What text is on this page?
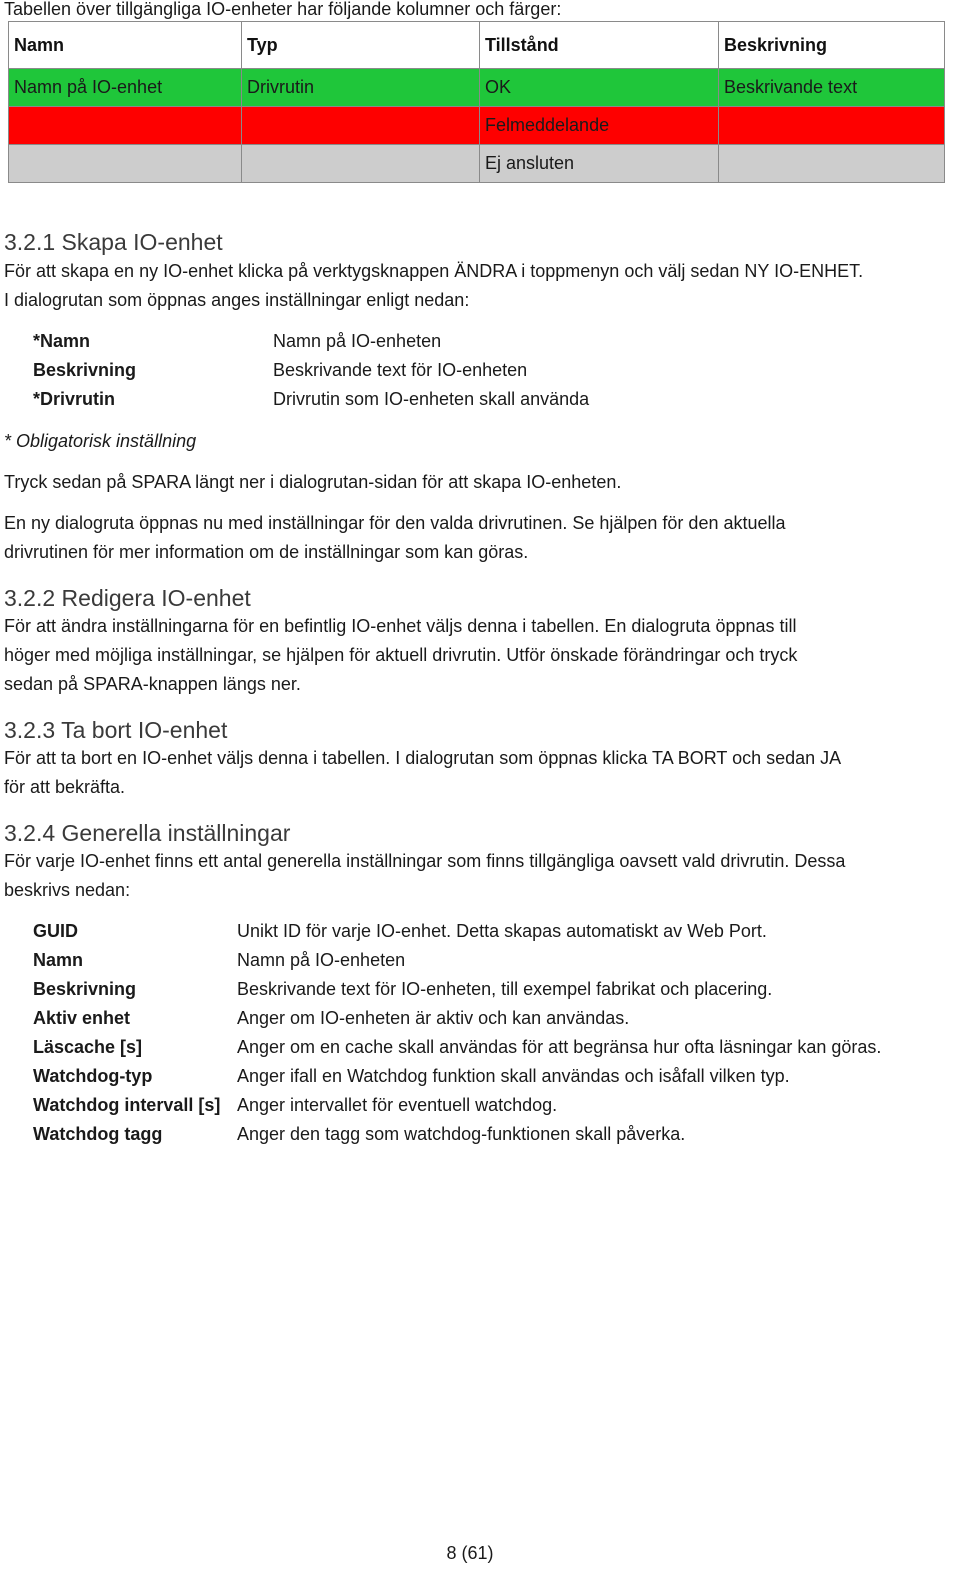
Tabellen över tillgängliga IO-enheter har följande kolumner och färger:
Namn	Typ	Tillstånd	Beskrivning
Namn på IO-enhet	Drivrutin	OK	Beskrivande text
		Felmeddelande	
		Ej ansluten	
3.2.1 Skapa IO-enhet
För att skapa en ny IO-enhet klicka på verktygsknappen ÄNDRA i toppmenyn och välj sedan NY IO-ENHET.
I dialogrutan som öppnas anges inställningar enligt nedan:
*Namn	Namn på IO-enheten
Beskrivning	Beskrivande text för IO-enheten
*Drivrutin	Drivrutin som IO-enheten skall använda
* Obligatorisk inställning
Tryck sedan på SPARA längt ner i dialogrutan-sidan för att skapa IO-enheten.
En ny dialogruta öppnas nu med inställningar för den valda drivrutinen. Se hjälpen för den aktuella
drivrutinen för mer information om de inställningar som kan göras.
3.2.2 Redigera IO-enhet
För att ändra inställningarna för en befintlig IO-enhet väljs denna i tabellen. En dialogruta öppnas till
höger med möjliga inställningar, se hjälpen för aktuell drivrutin. Utför önskade förändringar och tryck
sedan på SPARA-knappen längs ner.
3.2.3 Ta bort IO-enhet
För att ta bort en IO-enhet väljs denna i tabellen. I dialogrutan som öppnas klicka TA BORT och sedan JA
för att bekräfta.
3.2.4 Generella inställningar
För varje IO-enhet finns ett antal generella inställningar som finns tillgängliga oavsett vald drivrutin. Dessa
beskrivs nedan:
GUID	Unikt ID för varje IO-enhet. Detta skapas automatiskt av Web Port.
Namn	Namn på IO-enheten
Beskrivning	Beskrivande text för IO-enheten, till exempel fabrikat och placering.
Aktiv enhet	Anger om IO-enheten är aktiv och kan användas.
Läscache [s]	Anger om en cache skall användas för att begränsa hur ofta läsningar kan göras.
Watchdog-typ	Anger ifall en Watchdog funktion skall användas och isåfall vilken typ.
Watchdog intervall [s] Anger intervallet för eventuell watchdog.
Watchdog tagg	Anger den tagg som watchdog-funktionen skall påverka.
8 (61)
